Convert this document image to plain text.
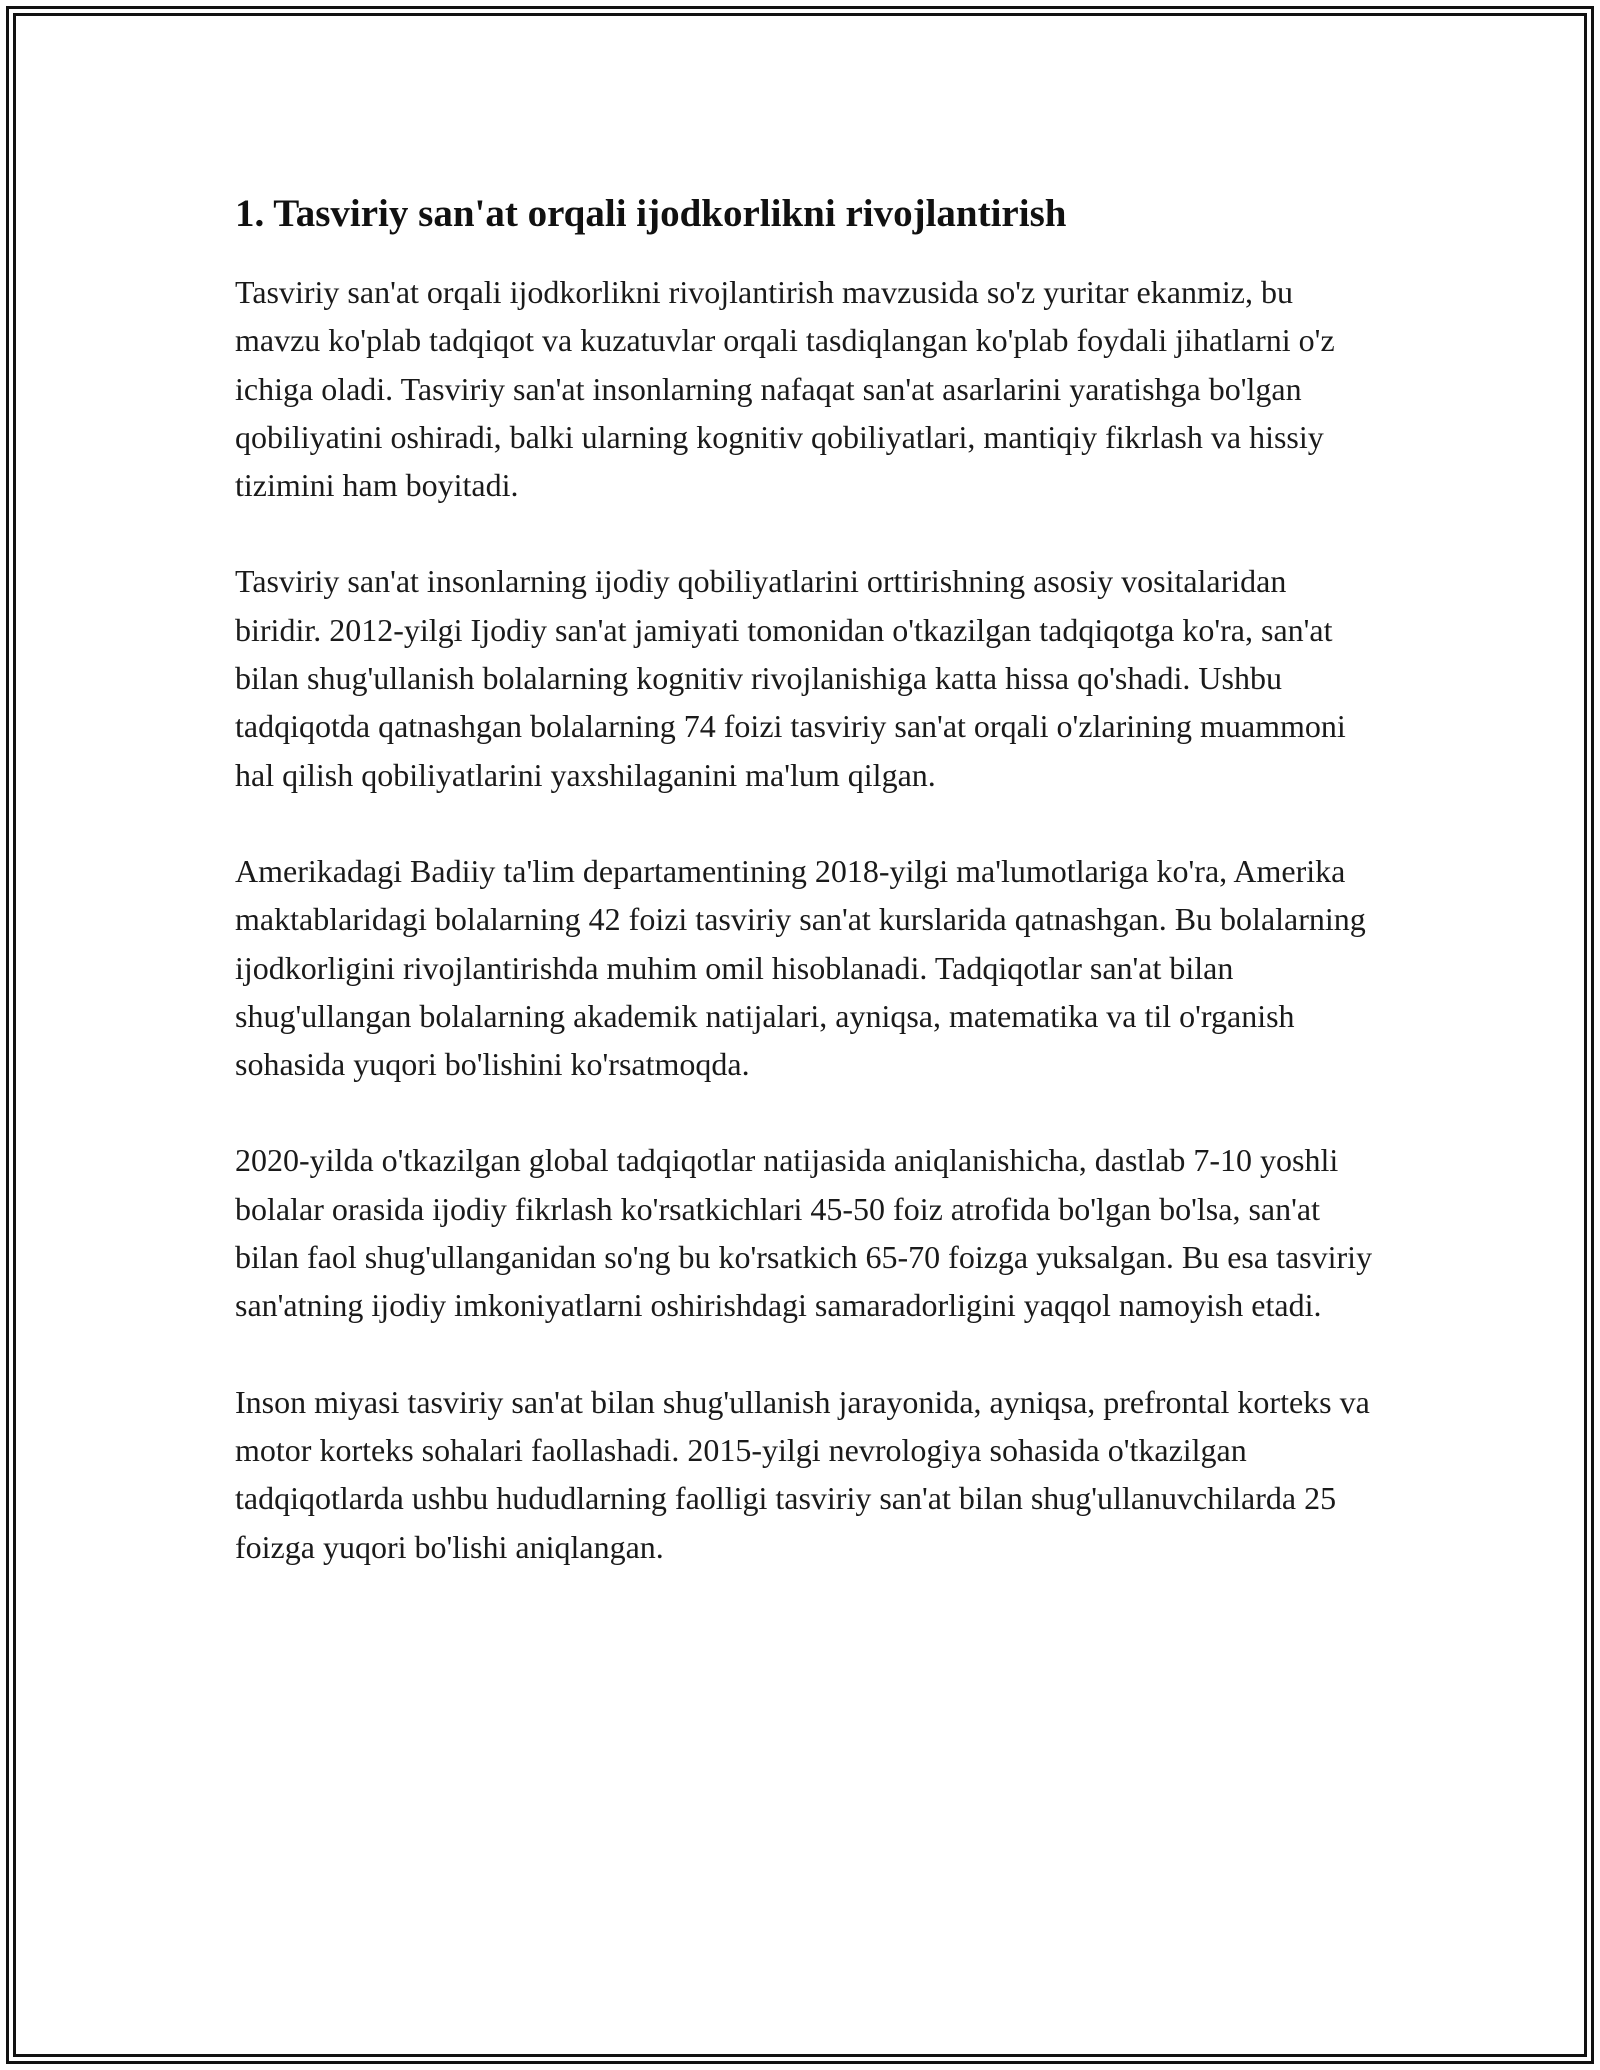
1. Tasviriy san'at orqali ijodkorlikni rivojlantirish

Tasviriy san'at orqali ijodkorlikni rivojlantirish mavzusida so'z yuritar ekanmiz, bu mavzu ko'plab tadqiqot va kuzatuvlar orqali tasdiqlangan ko'plab foydali jihatlarni o'z ichiga oladi. Tasviriy san'at insonlarning nafaqat san'at asarlarini yaratishga bo'lgan qobiliyatini oshiradi, balki ularning kognitiv qobiliyatlari, mantiqiy fikrlash va hissiy tizimini ham boyitadi.

Tasviriy san'at insonlarning ijodiy qobiliyatlarini orttirishning asosiy vositalaridan biridir. 2012-yilgi Ijodiy san'at jamiyati tomonidan o'tkazilgan tadqiqotga ko'ra, san'at bilan shug'ullanish bolalarning kognitiv rivojlanishiga katta hissa qo'shadi. Ushbu tadqiqotda qatnashgan bolalarning 74 foizi tasviriy san'at orqali o'zlarining muammoni hal qilish qobiliyatlarini yaxshilaganini ma'lum qilgan.

Amerikadagi Badiiy ta'lim departamentining 2018-yilgi ma'lumotlariga ko'ra, Amerika maktablaridagi bolalarning 42 foizi tasviriy san'at kurslarida qatnashgan. Bu bolalarning ijodkorligini rivojlantirishda muhim omil hisoblanadi. Tadqiqotlar san'at bilan shug'ullangan bolalarning akademik natijalari, ayniqsa, matematika va til o'rganish sohasida yuqori bo'lishini ko'rsatmoqda.

2020-yilda o'tkazilgan global tadqiqotlar natijasida aniqlanishicha, dastlab 7-10 yoshli bolalar orasida ijodiy fikrlash ko'rsatkichlari 45-50 foiz atrofida bo'lgan bo'lsa, san'at bilan faol shug'ullanganidan so'ng bu ko'rsatkich 65-70 foizga yuksalgan. Bu esa tasviriy san'atning ijodiy imkoniyatlarni oshirishdagi samaradorligini yaqqol namoyish etadi.

Inson miyasi tasviriy san'at bilan shug'ullanish jarayonida, ayniqsa, prefrontal korteks va motor korteks sohalari faollashadi. 2015-yilgi nevrologiya sohasida o'tkazilgan tadqiqotlarda ushbu hududlarning faolligi tasviriy san'at bilan shug'ullanuvchilarda 25 foizga yuqori bo'lishi aniqlangan.
